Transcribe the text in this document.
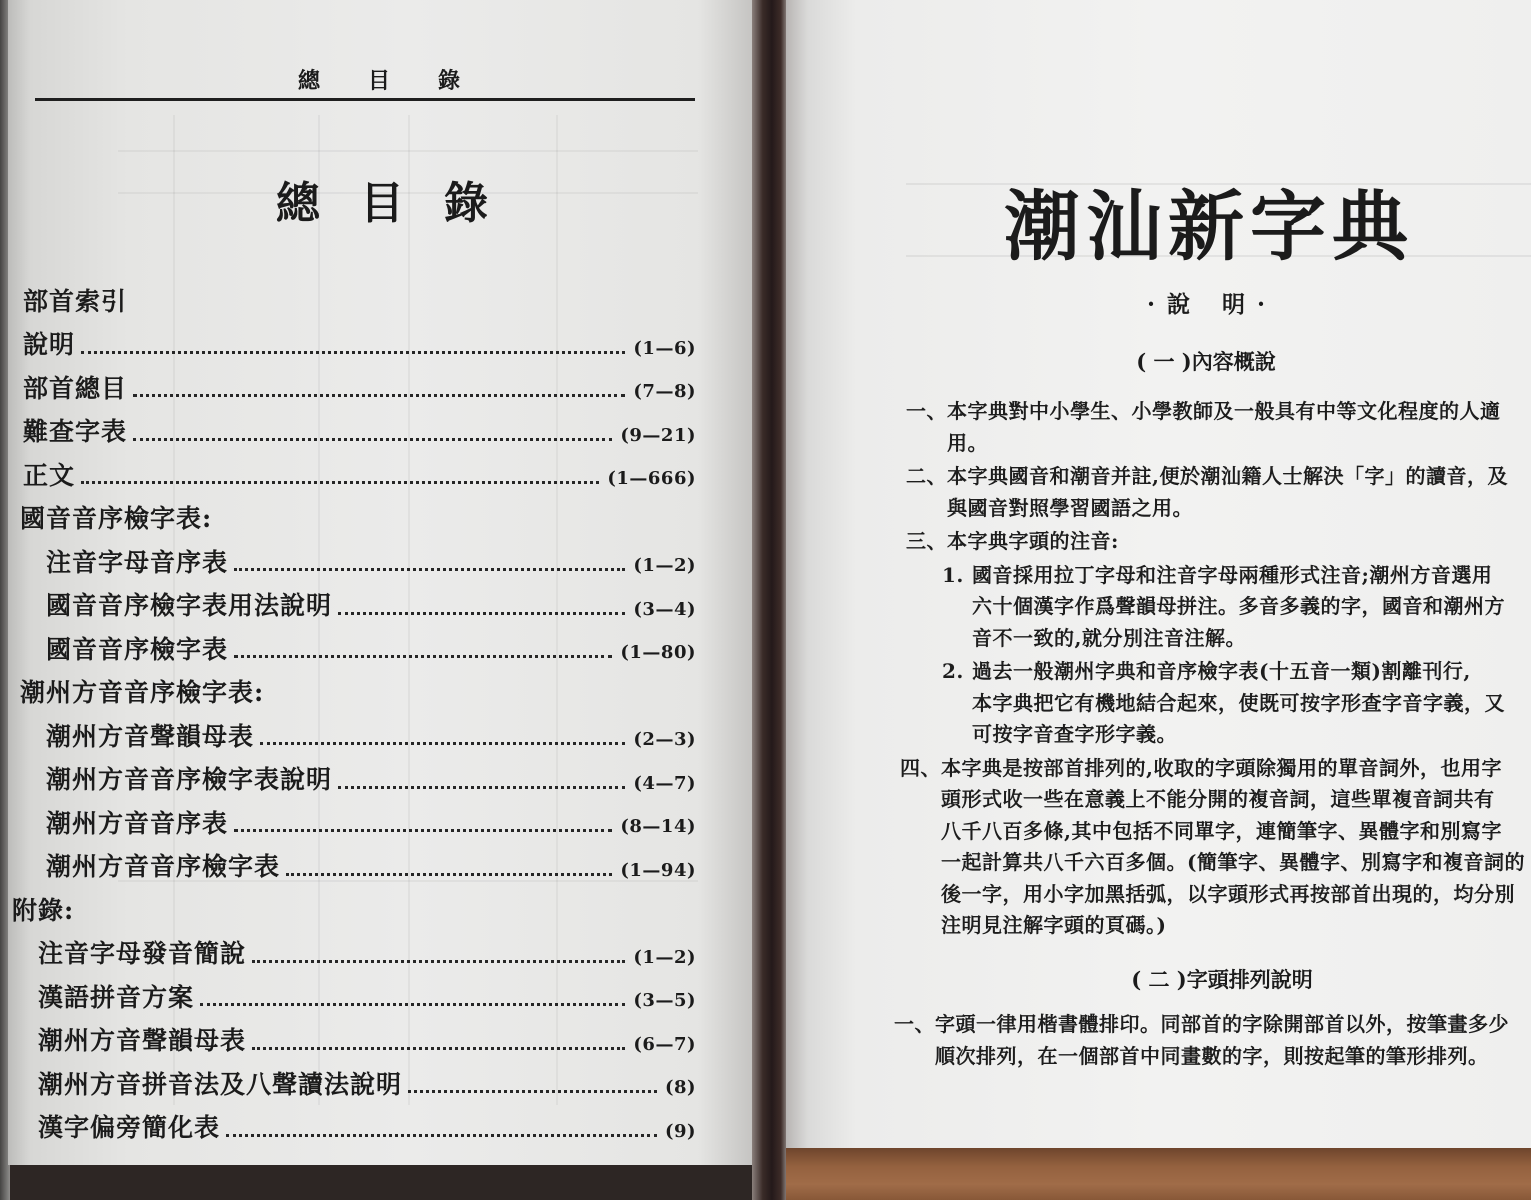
總目錄
總目錄
部首索引
說明	(1—6)
部首總目	(7—8)
難查字表	(9—21)
正文	(1—666)
國音音序檢字表:
注音字母音序表	(1—2)
國音音序檢字表用法說明	(3—4)
國音音序檢字表	(1—80)
潮州方音音序檢字表:
潮州方音聲韻母表	(2—3)
潮州方音音序檢字表說明	(4—7)
潮州方音音序表	(8—14)
潮州方音音序檢字表	(1—94)
附錄:
注音字母發音簡說	(1—2)
漢語拼音方案	(3—5)
潮州方音聲韻母表	(6—7)
潮州方音拼音法及八聲讀法說明	(8)
漢字偏旁簡化表	(9)
潮汕新字典
·說 明·
( 一 )內容概說
一、 本字典對中小學生、小學教師及一般具有中等文化程度的人適
用。
二、 本字典國音和潮音并註,便於潮汕籍人士解決「字」的讀音，及
與國音對照學習國語之用。
三、 本字典字頭的注音:
1. 國音採用拉丁字母和注音字母兩種形式注音;潮州方音選用
六十個漢字作爲聲韻母拼注。多音多義的字，國音和潮州方
音不一致的,就分別注音注解。
2. 過去一般潮州字典和音序檢字表(十五音一類)割離刊行,
本字典把它有機地結合起來，使既可按字形查字音字義，又
可按字音查字形字義。
四、 本字典是按部首排列的,收取的字頭除獨用的單音詞外，也用字
頭形式收一些在意義上不能分開的複音詞，這些單複音詞共有
八千八百多條,其中包括不同單字，連簡筆字、異體字和別寫字
一起計算共八千六百多個。(簡筆字、異體字、別寫字和複音詞的
後一字，用小字加黑括弧，以字頭形式再按部首出現的，均分別
注明見注解字頭的頁碼。)
( 二 )字頭排列說明
一、 字頭一律用楷書體排印。同部首的字除開部首以外，按筆畫多少
順次排列，在一個部首中同畫數的字，則按起筆的筆形排列。
